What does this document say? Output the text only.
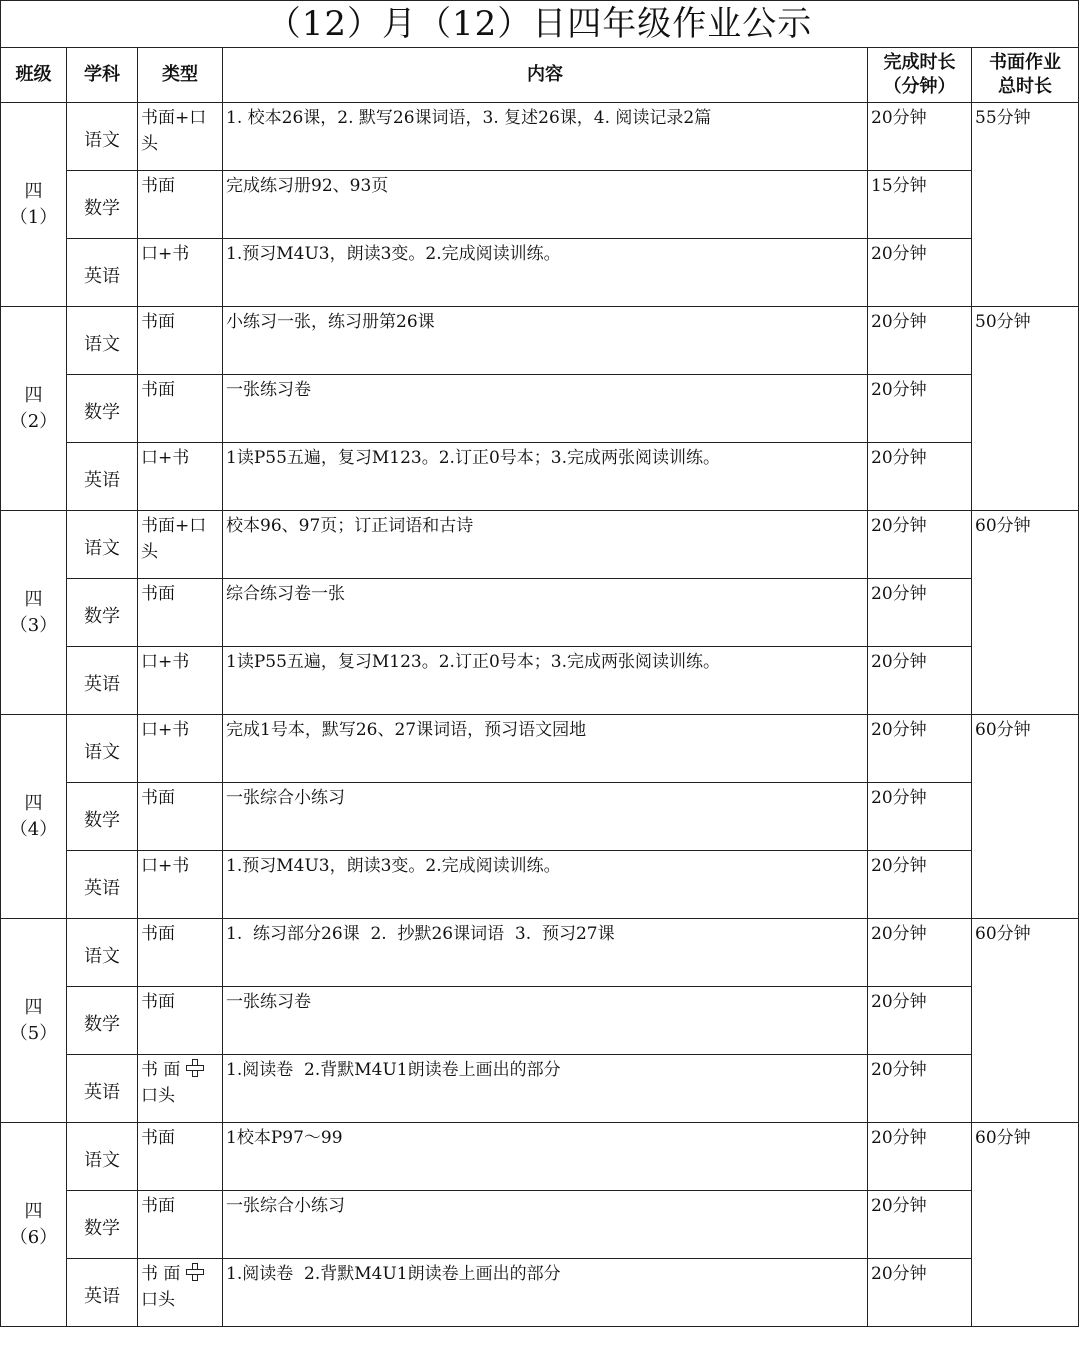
（12）月（12）日四年级作业公示					
班级	学科	类型	内容	完成时长
（分钟）	书面作业
总时长
四
（1）	语文	书面+口头	1. 校本26课，2. 默写26课词语，3. 复述26课，4. 阅读记录2篇	20分钟	55分钟
	数学	书面	完成练习册92、93页	15分钟	
	英语	口+书	1.预习M4U3，朗读3变。2.完成阅读训练。	20分钟	
四
（2）	语文	书面	小练习一张，练习册第26课	20分钟	50分钟
	数学	书面	一张练习卷	20分钟	
	英语	口+书	1读P55五遍，复习M123。2.订正0号本；3.完成两张阅读训练。	20分钟	
四
（3）	语文	书面+口头	校本96、97页；订正词语和古诗	20分钟	60分钟
	数学	书面	综合练习卷一张	20分钟	
	英语	口+书	1读P55五遍，复习M123。2.订正0号本；3.完成两张阅读训练。	20分钟	
四
（4）	语文	口+书	完成1号本，默写26、27课词语，预习语文园地	20分钟	60分钟
	数学	书面	一张综合小练习	20分钟	
	英语	口+书	1.预习M4U3，朗读3变。2.完成阅读训练。	20分钟	
四
（5）	语文	书面	1.  练习部分26课  2.  抄默26课词语  3.  预习27课	20分钟	60分钟
	数学	书面	一张练习卷	20分钟	
	英语	书 面
口头	1.阅读卷  2.背默M4U1朗读卷上画出的部分	20分钟	
四
（6）	语文	书面	1校本P97～99	20分钟	60分钟
	数学	书面	一张综合小练习	20分钟	
	英语	书 面
口头	1.阅读卷  2.背默M4U1朗读卷上画出的部分	20分钟	
